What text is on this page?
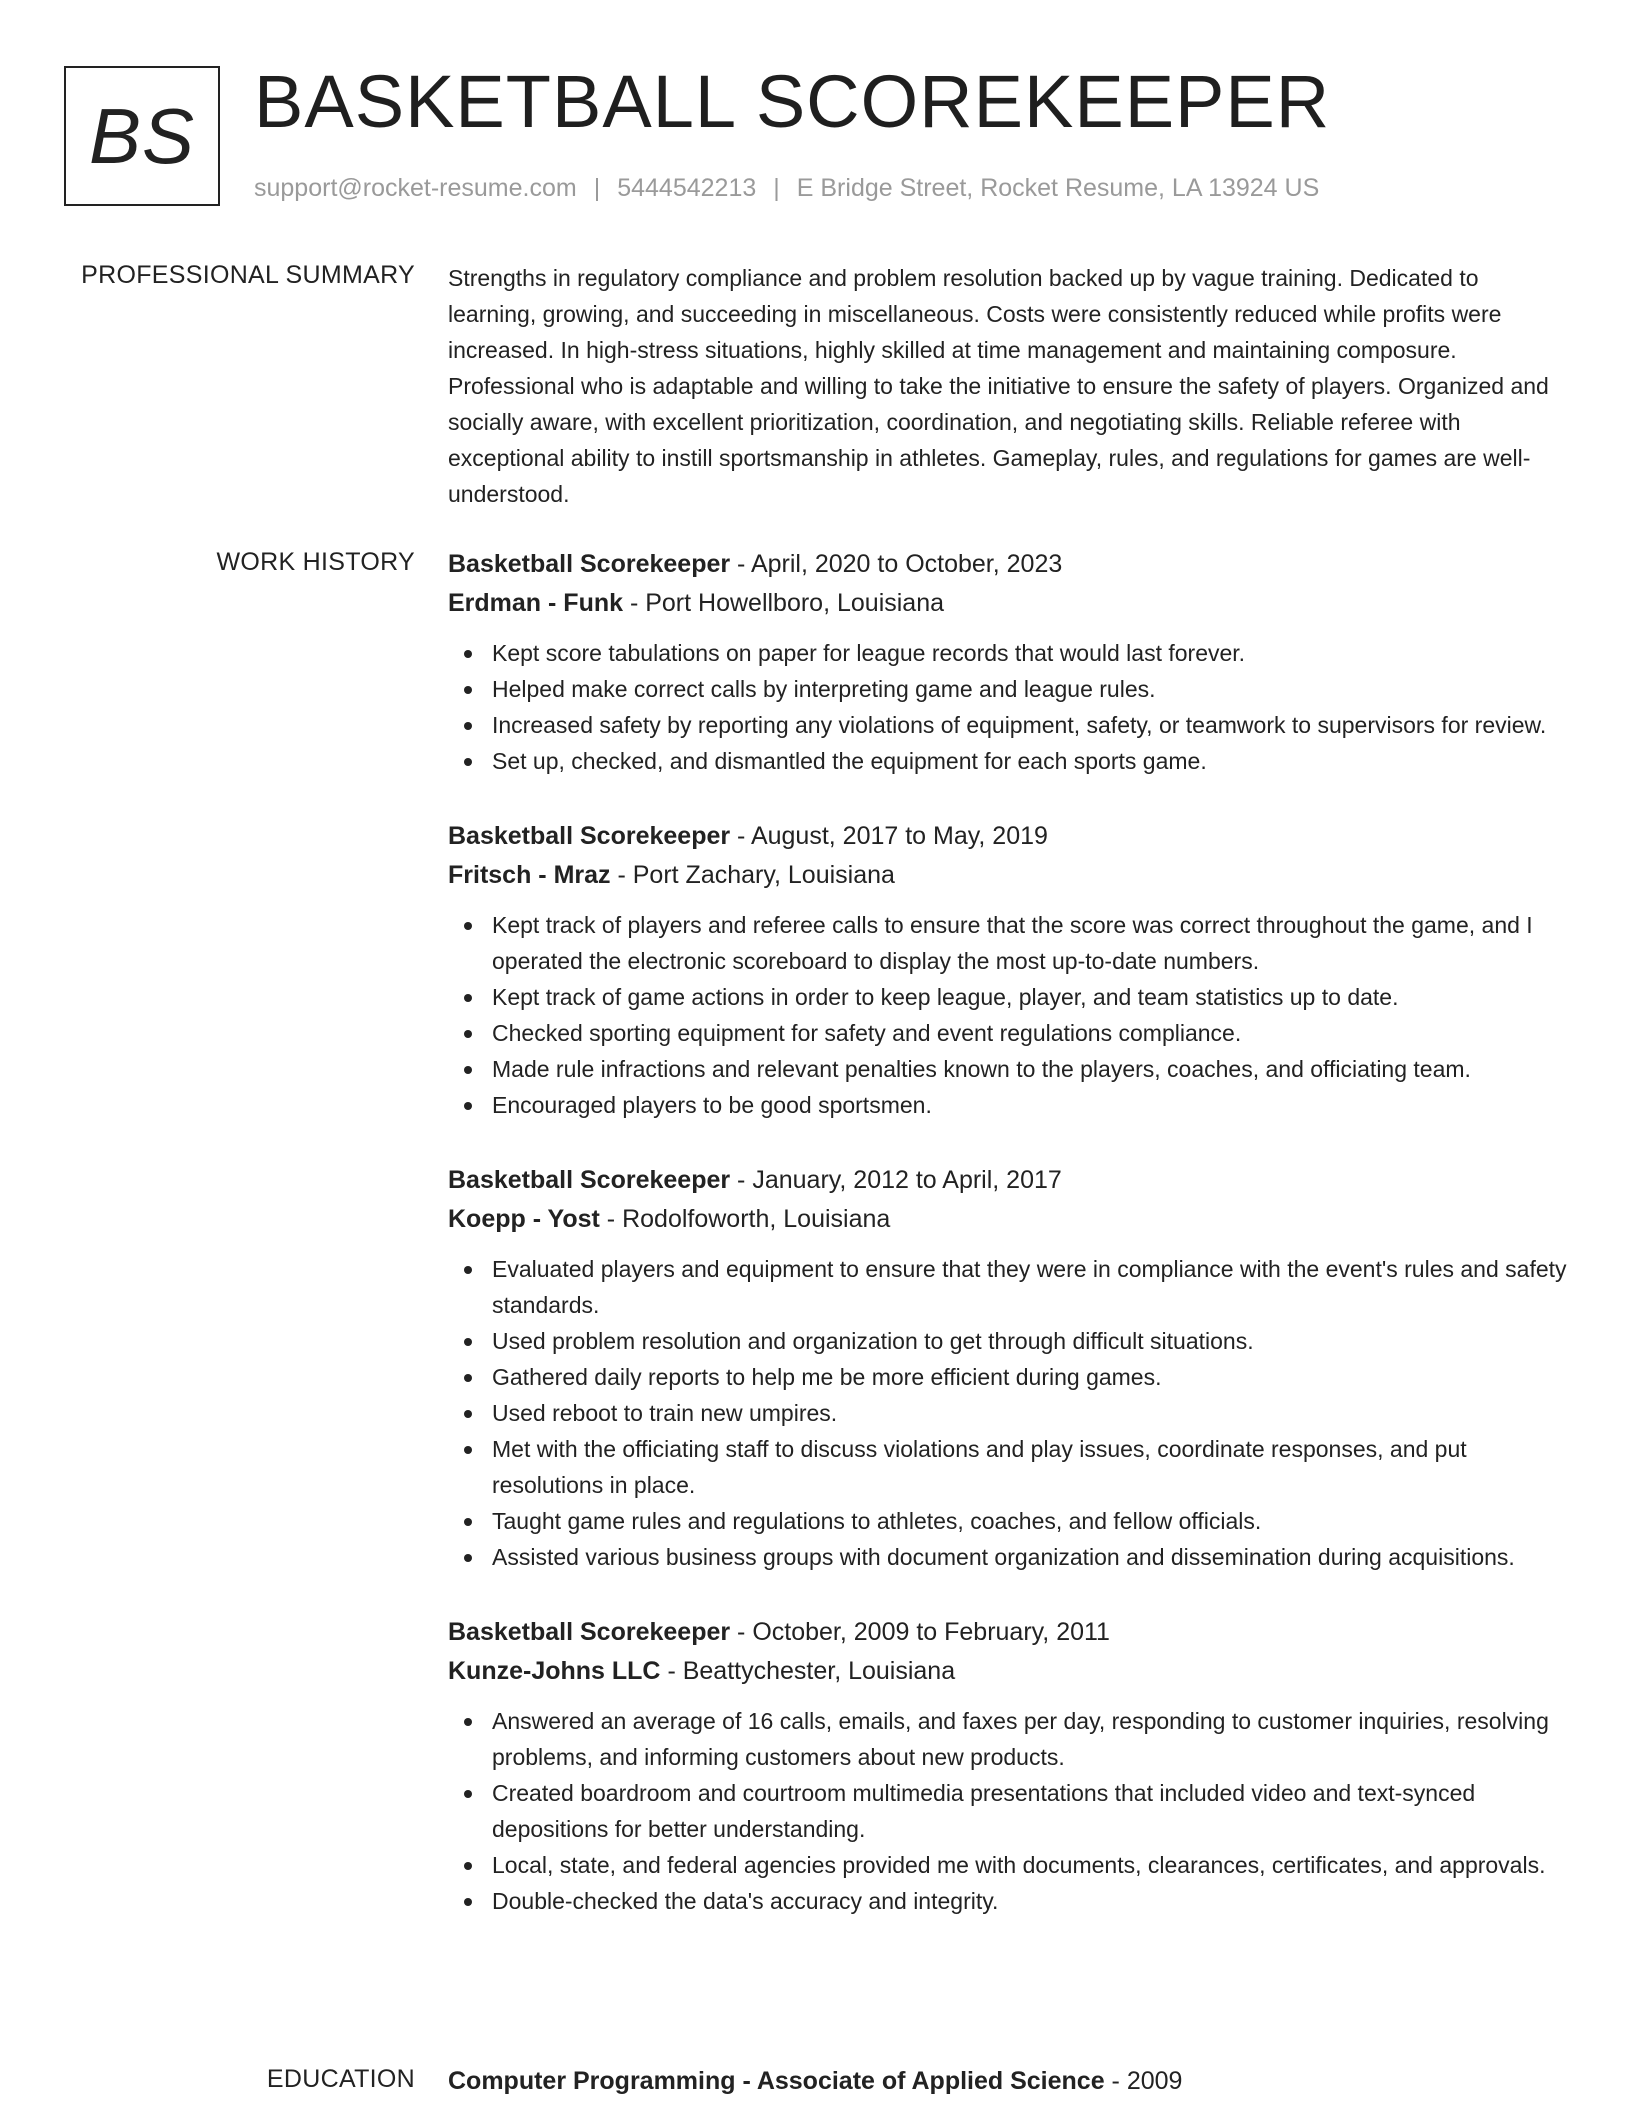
BS BASKETBALL SCOREKEEPER
support@rocket-resume.com | 5444542213 | E Bridge Street, Rocket Resume, LA 13924 US
PROFESSIONAL SUMMARY Strengths in regulatory compliance and problem resolution backed up by vague training. Dedicated to learning, growing, and succeeding in miscellaneous. Costs were consistently reduced while profits were increased. In high-stress situations, highly skilled at time management and maintaining composure. Professional who is adaptable and willing to take the initiative to ensure the safety of players. Organized and socially aware, with excellent prioritization, coordination, and negotiating skills. Reliable referee with exceptional ability to instill sportsmanship in athletes. Gameplay, rules, and regulations for games are well-understood.

WORK HISTORY Basketball Scorekeeper - April, 2020 to October, 2023
Erdman - Funk - Port Howellboro, Louisiana
Kept score tabulations on paper for league records that would last forever.
Helped make correct calls by interpreting game and league rules.
Increased safety by reporting any violations of equipment, safety, or teamwork to supervisors for review.
Set up, checked, and dismantled the equipment for each sports game.
Basketball Scorekeeper - August, 2017 to May, 2019
Fritsch - Mraz - Port Zachary, Louisiana
Kept track of players and referee calls to ensure that the score was correct throughout the game, and I operated the electronic scoreboard to display the most up-to-date numbers.
Kept track of game actions in order to keep league, player, and team statistics up to date.
Checked sporting equipment for safety and event regulations compliance.
Made rule infractions and relevant penalties known to the players, coaches, and officiating team.
Encouraged players to be good sportsmen.
Basketball Scorekeeper - January, 2012 to April, 2017
Koepp - Yost - Rodolfoworth, Louisiana
Evaluated players and equipment to ensure that they were in compliance with the event's rules and safety standards.
Used problem resolution and organization to get through difficult situations.
Gathered daily reports to help me be more efficient during games.
Used reboot to train new umpires.
Met with the officiating staff to discuss violations and play issues, coordinate responses, and put resolutions in place.
Taught game rules and regulations to athletes, coaches, and fellow officials.
Assisted various business groups with document organization and dissemination during acquisitions.
Basketball Scorekeeper - October, 2009 to February, 2011
Kunze-Johns LLC - Beattychester, Louisiana
Answered an average of 16 calls, emails, and faxes per day, responding to customer inquiries, resolving problems, and informing customers about new products.
Created boardroom and courtroom multimedia presentations that included video and text-synced depositions for better understanding.
Local, state, and federal agencies provided me with documents, clearances, certificates, and approvals.
Double-checked the data's accuracy and integrity.
EDUCATION Computer Programming - Associate of Applied Science - 2009
